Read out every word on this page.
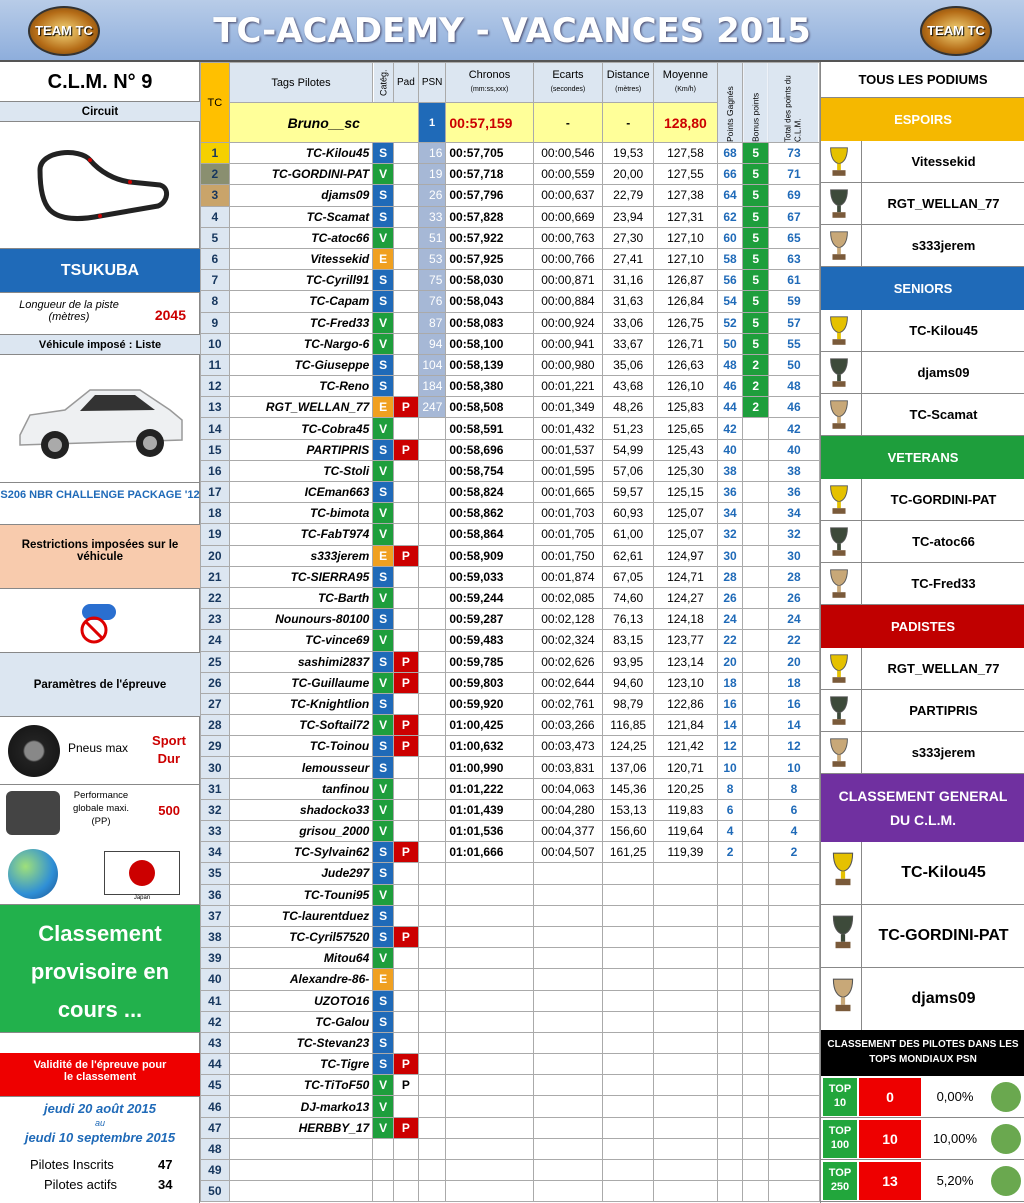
TEAM TC	TC-ACADEMY - VACANCES 2015	TEAM TC
C.L.M. N° 9
Circuit
TSUKUBA
Longueur de la piste (mètres)	2045
Véhicule imposé : Liste
S206 NBR CHALLENGE PACKAGE '12
Restrictions imposées sur le véhicule
Paramètres de l'épreuve
Pneus max Sport
Dur
Performance globale maxi. (PP)
500
Japan
Classement provisoire en cours ...
Validité de l'épreuve pour le classement
jeudi 20 août 2015
au
jeudi 10 septembre 2015
Pilotes Inscrits	47
Pilotes actifs	34
TC	Tags Pilotes	Catég.	Pad	PSN	Chronos
(mm:ss,xxx)	Ecarts
(secondes)	Distance
(mètres)	Moyenne
(Km/h)	Points Gagnés	Bonus points	Total des points du C.L.M.
	Bruno__sc			1	00:57,159	-	-	128,80			
1	TC-Kilou45	S		16	00:57,705	00:00,546	19,53	127,58	68	5	73
2	TC-GORDINI-PAT	V		19	00:57,718	00:00,559	20,00	127,55	66	5	71
3	djams09	S		26	00:57,796	00:00,637	22,79	127,38	64	5	69
4	TC-Scamat	S		33	00:57,828	00:00,669	23,94	127,31	62	5	67
5	TC-atoc66	V		51	00:57,922	00:00,763	27,30	127,10	60	5	65
6	Vitessekid	E		53	00:57,925	00:00,766	27,41	127,10	58	5	63
7	TC-Cyrill91	S		75	00:58,030	00:00,871	31,16	126,87	56	5	61
8	TC-Capam	S		76	00:58,043	00:00,884	31,63	126,84	54	5	59
9	TC-Fred33	V		87	00:58,083	00:00,924	33,06	126,75	52	5	57
10	TC-Nargo-6	V		94	00:58,100	00:00,941	33,67	126,71	50	5	55
11	TC-Giuseppe	S		104	00:58,139	00:00,980	35,06	126,63	48	2	50
12	TC-Reno	S		184	00:58,380	00:01,221	43,68	126,10	46	2	48
13	RGT_WELLAN_77	E	P	247	00:58,508	00:01,349	48,26	125,83	44	2	46
14	TC-Cobra45	V			00:58,591	00:01,432	51,23	125,65	42		42
15	PARTIPRIS	S	P		00:58,696	00:01,537	54,99	125,43	40		40
16	TC-Stoli	V			00:58,754	00:01,595	57,06	125,30	38		38
17	ICEman663	S			00:58,824	00:01,665	59,57	125,15	36		36
18	TC-bimota	V			00:58,862	00:01,703	60,93	125,07	34		34
19	TC-FabT974	V			00:58,864	00:01,705	61,00	125,07	32		32
20	s333jerem	E	P		00:58,909	00:01,750	62,61	124,97	30		30
21	TC-SIERRA95	S			00:59,033	00:01,874	67,05	124,71	28		28
22	TC-Barth	V			00:59,244	00:02,085	74,60	124,27	26		26
23	Nounours-80100	S			00:59,287	00:02,128	76,13	124,18	24		24
24	TC-vince69	V			00:59,483	00:02,324	83,15	123,77	22		22
25	sashimi2837	S	P		00:59,785	00:02,626	93,95	123,14	20		20
26	TC-Guillaume	V	P		00:59,803	00:02,644	94,60	123,10	18		18
27	TC-Knightlion	S			00:59,920	00:02,761	98,79	122,86	16		16
28	TC-Softail72	V	P		01:00,425	00:03,266	116,85	121,84	14		14
29	TC-Toinou	S	P		01:00,632	00:03,473	124,25	121,42	12		12
30	lemousseur	S			01:00,990	00:03,831	137,06	120,71	10		10
31	tanfinou	V			01:01,222	00:04,063	145,36	120,25	8		8
32	shadocko33	V			01:01,439	00:04,280	153,13	119,83	6		6
33	grisou_2000	V			01:01,536	00:04,377	156,60	119,64	4		4
34	TC-Sylvain62	S	P		01:01,666	00:04,507	161,25	119,39	2		2
35	Jude297	S									
36	TC-Touni95	V									
37	TC-laurentduez	S									
38	TC-Cyril57520	S	P								
39	Mitou64	V									
40	Alexandre-86-	E									
41	UZOTO16	S									
42	TC-Galou	S									
43	TC-Stevan23	S									
44	TC-Tigre	S	P								
45	TC-TiToF50	V	P								
46	DJ-marko13	V									
47	HERBBY_17	V	P								
48											
49											
50											
TOUS LES PODIUMS
ESPOIRS
Vitessekid
RGT_WELLAN_77
s333jerem
SENIORS
TC-Kilou45
djams09
TC-Scamat
VETERANS
TC-GORDINI-PAT
TC-atoc66
TC-Fred33
PADISTES
RGT_WELLAN_77
PARTIPRIS
s333jerem
CLASSEMENT GENERAL DU C.L.M.
TC-Kilou45
TC-GORDINI-PAT
djams09
CLASSEMENT DES PILOTES DANS LES TOPS MONDIAUX PSN
TOP 10	0	0,00%
TOP 100	10	10,00%
TOP 250	13	5,20%
